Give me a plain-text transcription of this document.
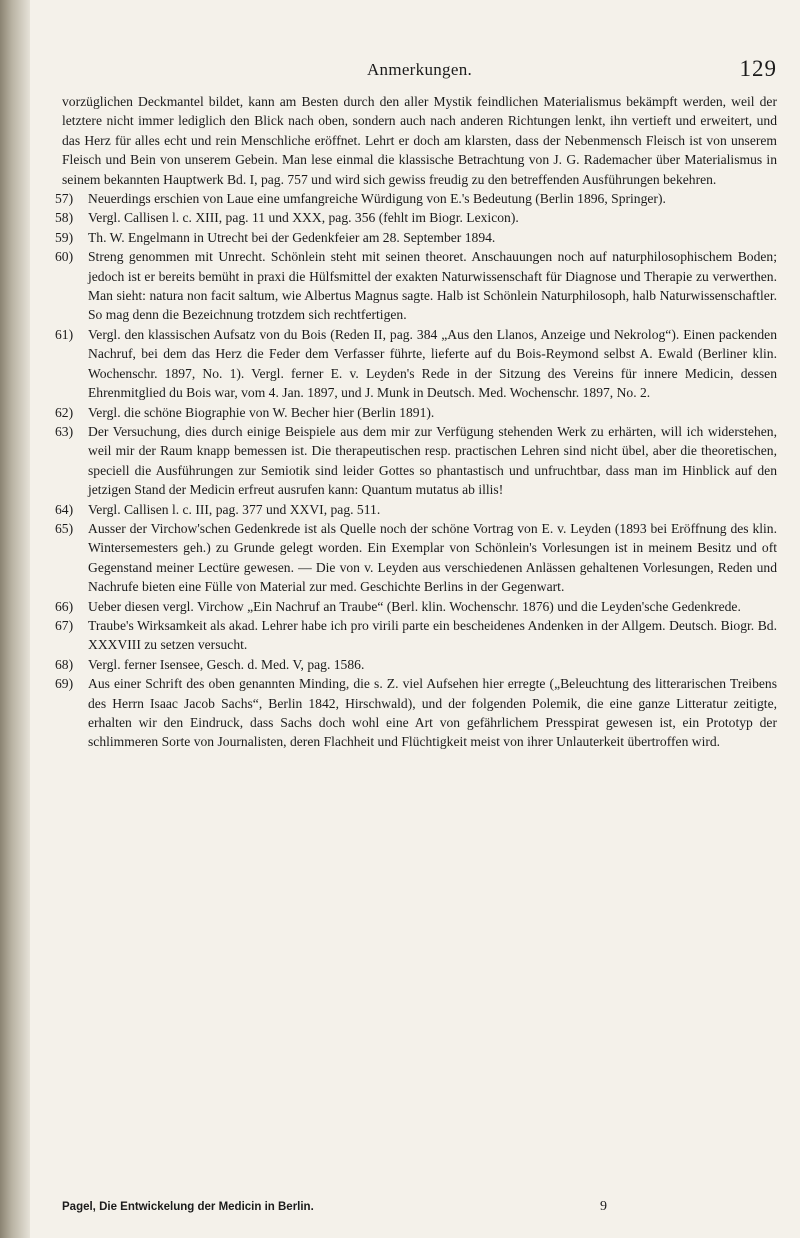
Anmerkungen.	129

vorzüglichen Deckmantel bildet, kann am Besten durch den aller Mystik feindlichen Materialismus bekämpft werden, weil der letztere nicht immer lediglich den Blick nach oben, sondern auch nach anderen Richtungen lenkt, ihn vertieft und erweitert, und das Herz für alles echt und rein Menschliche eröffnet. Lehrt er doch am klarsten, dass der Nebenmensch Fleisch ist von unserem Fleisch und Bein von unserem Gebein. Man lese einmal die klassische Betrachtung von J. G. Rademacher über Materialismus in seinem bekannten Hauptwerk Bd. I, pag. 757 und wird sich gewiss freudig zu den betreffenden Ausführungen bekehren.

57) Neuerdings erschien von Laue eine umfangreiche Würdigung von E.'s Bedeutung (Berlin 1896, Springer).

58) Vergl. Callisen l. c. XIII, pag. 11 und XXX, pag. 356 (fehlt im Biogr. Lexicon).

59) Th. W. Engelmann in Utrecht bei der Gedenkfeier am 28. September 1894.

60) Streng genommen mit Unrecht. Schönlein steht mit seinen theoret. Anschauungen noch auf naturphilosophischem Boden; jedoch ist er bereits bemüht in praxi die Hülfsmittel der exakten Naturwissenschaft für Diagnose und Therapie zu verwerthen. Man sieht: natura non facit saltum, wie Albertus Magnus sagte. Halb ist Schönlein Naturphilosoph, halb Naturwissenschaftler. So mag denn die Bezeichnung trotzdem sich rechtfertigen.

61) Vergl. den klassischen Aufsatz von du Bois (Reden II, pag. 384 „Aus den Llanos, Anzeige und Nekrolog“). Einen packenden Nachruf, bei dem das Herz die Feder dem Verfasser führte, lieferte auf du Bois-Reymond selbst A. Ewald (Berliner klin. Wochenschr. 1897, No. 1). Vergl. ferner E. v. Leyden's Rede in der Sitzung des Vereins für innere Medicin, dessen Ehrenmitglied du Bois war, vom 4. Jan. 1897, und J. Munk in Deutsch. Med. Wochenschr. 1897, No. 2.

62) Vergl. die schöne Biographie von W. Becher hier (Berlin 1891).

63) Der Versuchung, dies durch einige Beispiele aus dem mir zur Verfügung stehenden Werk zu erhärten, will ich widerstehen, weil mir der Raum knapp bemessen ist. Die therapeutischen resp. practischen Lehren sind nicht übel, aber die theoretischen, speciell die Ausführungen zur Semiotik sind leider Gottes so phantastisch und unfruchtbar, dass man im Hinblick auf den jetzigen Stand der Medicin erfreut ausrufen kann: Quantum mutatus ab illis!

64) Vergl. Callisen l. c. III, pag. 377 und XXVI, pag. 511.

65) Ausser der Virchow'schen Gedenkrede ist als Quelle noch der schöne Vortrag von E. v. Leyden (1893 bei Eröffnung des klin. Wintersemesters geh.) zu Grunde gelegt worden. Ein Exemplar von Schönlein's Vorlesungen ist in meinem Besitz und oft Gegenstand meiner Lectüre gewesen. — Die von v. Leyden aus verschiedenen Anlässen gehaltenen Vorlesungen, Reden und Nachrufe bieten eine Fülle von Material zur med. Geschichte Berlins in der Gegenwart.

66) Ueber diesen vergl. Virchow „Ein Nachruf an Traube“ (Berl. klin. Wochenschr. 1876) und die Leyden'sche Gedenkrede.

67) Traube's Wirksamkeit als akad. Lehrer habe ich pro virili parte ein bescheidenes Andenken in der Allgem. Deutsch. Biogr. Bd. XXXVIII zu setzen versucht.

68) Vergl. ferner Isensee, Gesch. d. Med. V, pag. 1586.

69) Aus einer Schrift des oben genannten Minding, die s. Z. viel Aufsehen hier erregte („Beleuchtung des litterarischen Treibens des Herrn Isaac Jacob Sachs“, Berlin 1842, Hirschwald), und der folgenden Polemik, die eine ganze Litteratur zeitigte, erhalten wir den Eindruck, dass Sachs doch wohl eine Art von gefährlichem Presspirat gewesen ist, ein Prototyp der schlimmeren Sorte von Journalisten, deren Flachheit und Flüchtigkeit meist von ihrer Unlauterkeit übertroffen wird.

Pagel, Die Entwickelung der Medicin in Berlin.	9
